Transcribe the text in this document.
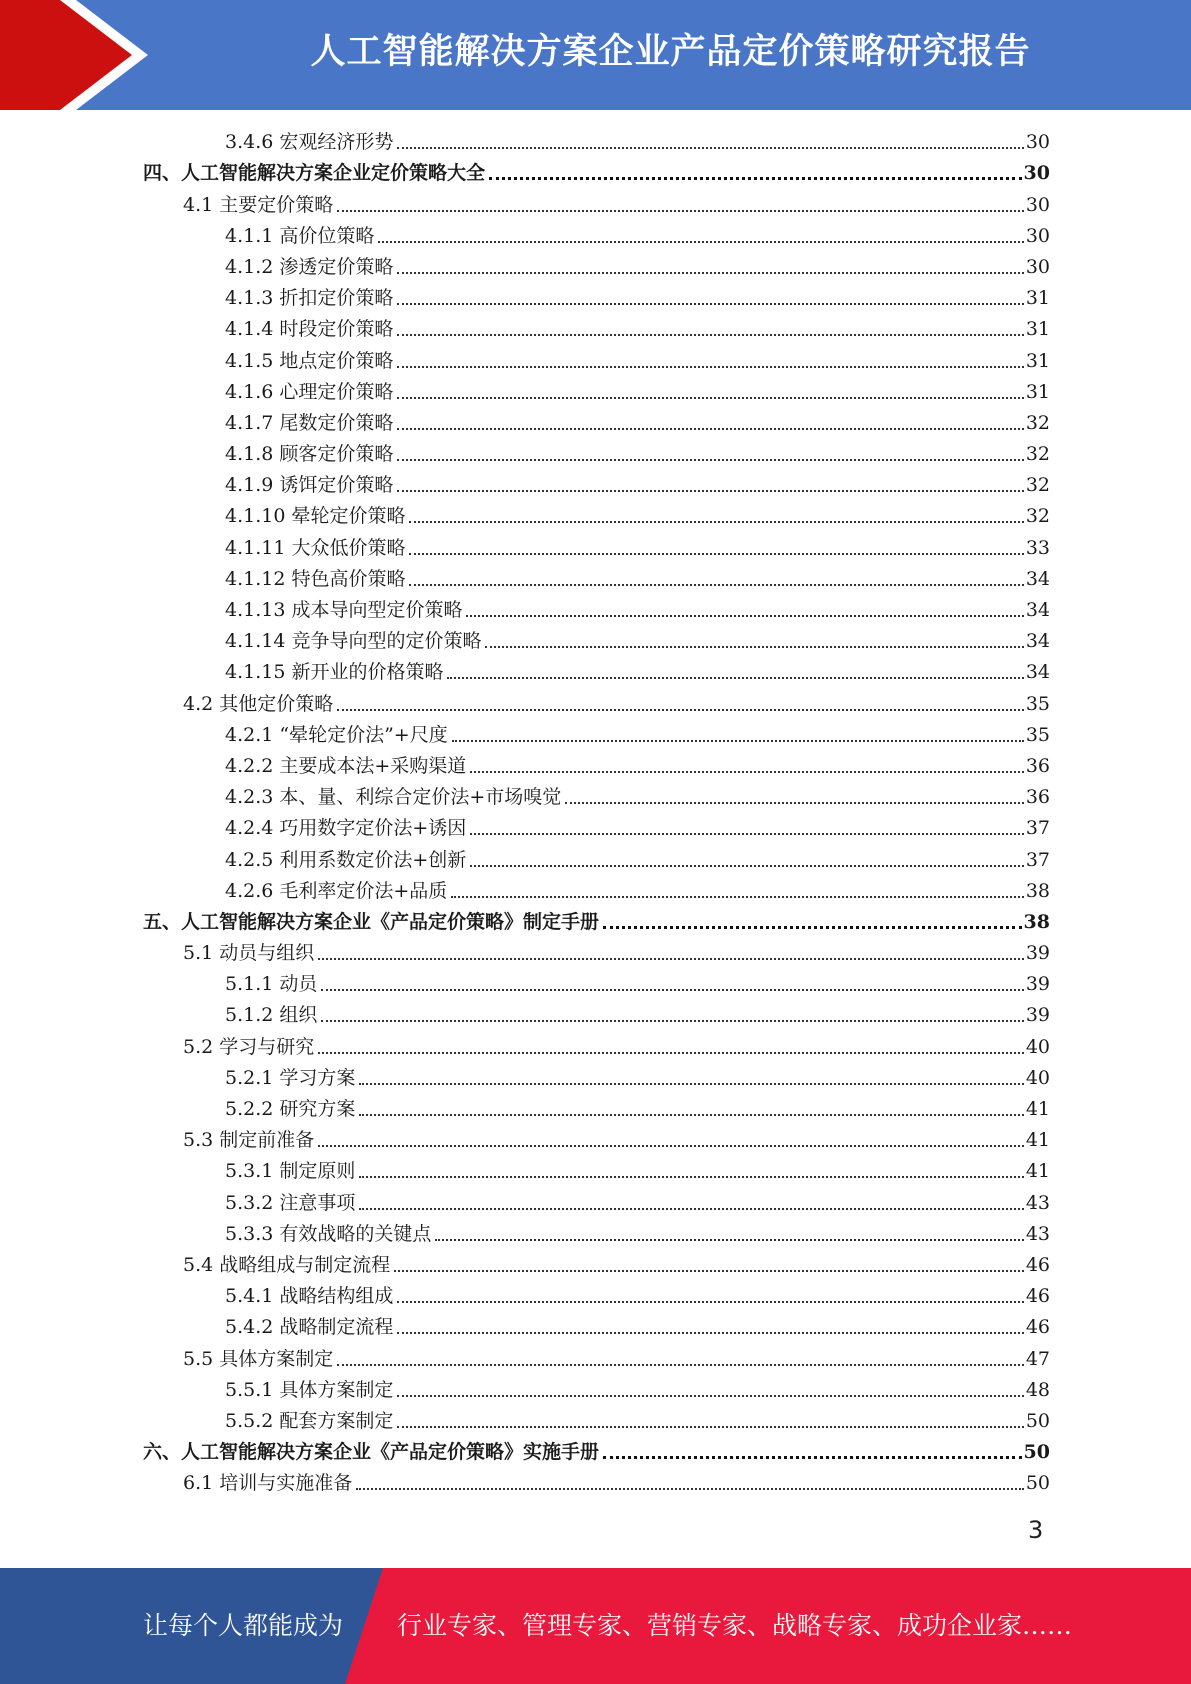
人工智能解决方案企业产品定价策略研究报告
3.4.6 宏观经济形势	30
四、人工智能解决方案企业定价策略大全	30
4.1 主要定价策略	30
4.1.1 高价位策略	30
4.1.2 渗透定价策略	30
4.1.3 折扣定价策略	31
4.1.4 时段定价策略	31
4.1.5 地点定价策略	31
4.1.6 心理定价策略	31
4.1.7 尾数定价策略	32
4.1.8 顾客定价策略	32
4.1.9 诱饵定价策略	32
4.1.10 晕轮定价策略	32
4.1.11 大众低价策略	33
4.1.12 特色高价策略	34
4.1.13 成本导向型定价策略	34
4.1.14 竞争导向型的定价策略	34
4.1.15 新开业的价格策略	34
4.2 其他定价策略	35
4.2.1 “晕轮定价法”+尺度	35
4.2.2 主要成本法+采购渠道	36
4.2.3 本、量、利综合定价法+市场嗅觉	36
4.2.4 巧用数字定价法+诱因	37
4.2.5 利用系数定价法+创新	37
4.2.6 毛利率定价法+品质	38
五、人工智能解决方案企业《产品定价策略》制定手册	38
5.1 动员与组织	39
5.1.1 动员	39
5.1.2 组织	39
5.2 学习与研究	40
5.2.1 学习方案	40
5.2.2 研究方案	41
5.3 制定前准备	41
5.3.1 制定原则	41
5.3.2 注意事项	43
5.3.3 有效战略的关键点	43
5.4 战略组成与制定流程	46
5.4.1 战略结构组成	46
5.4.2 战略制定流程	46
5.5 具体方案制定	47
5.5.1 具体方案制定	48
5.5.2 配套方案制定	50
六、人工智能解决方案企业《产品定价策略》实施手册	50
6.1 培训与实施准备	50
3
让每个人都能成为 行业专家、管理专家、营销专家、战略专家、成功企业家……
